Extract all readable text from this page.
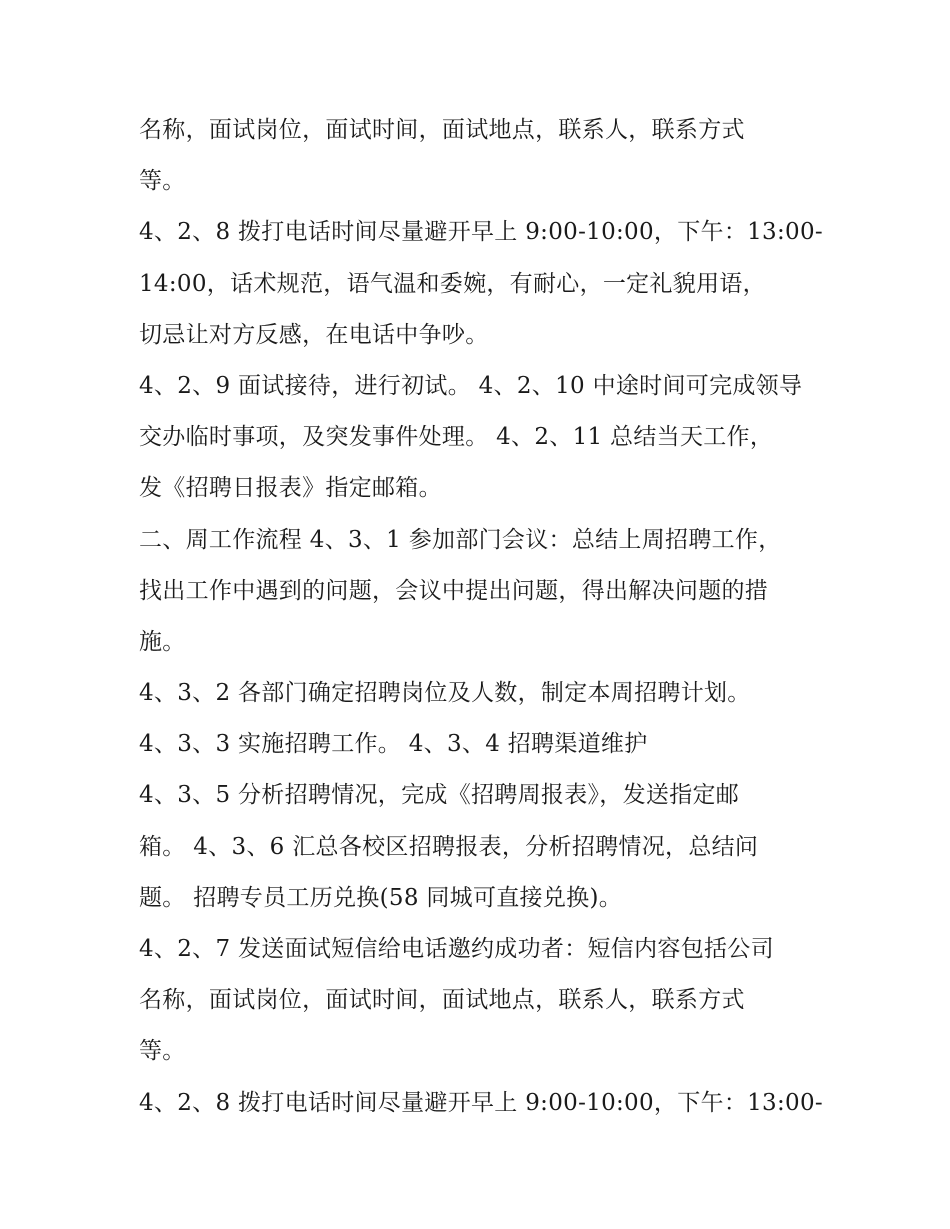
名称，面试岗位，面试时间，面试地点，联系人，联系方式
等。
4、2、8 拨打电话时间尽量避开早上 9:00-10:00，下午：13:00-
14:00，话术规范，语气温和委婉，有耐心，一定礼貌用语，
切忌让对方反感，在电话中争吵。
4、2、9 面试接待，进行初试。 4、2、10 中途时间可完成领导
交办临时事项，及突发事件处理。 4、2、11 总结当天工作，
发《招聘日报表》指定邮箱。
二、周工作流程 4、3、1 参加部门会议：总结上周招聘工作，
找出工作中遇到的问题，会议中提出问题，得出解决问题的措
施。
4、3、2 各部门确定招聘岗位及人数，制定本周招聘计划。
4、3、3 实施招聘工作。 4、3、4 招聘渠道维护
4、3、5 分析招聘情况，完成《招聘周报表》，发送指定邮
箱。 4、3、6 汇总各校区招聘报表，分析招聘情况，总结问
题。 招聘专员工历兑换(58 同城可直接兑换)。
4、2、7 发送面试短信给电话邀约成功者：短信内容包括公司
名称，面试岗位，面试时间，面试地点，联系人，联系方式
等。
4、2、8 拨打电话时间尽量避开早上 9:00-10:00，下午：13:00-
